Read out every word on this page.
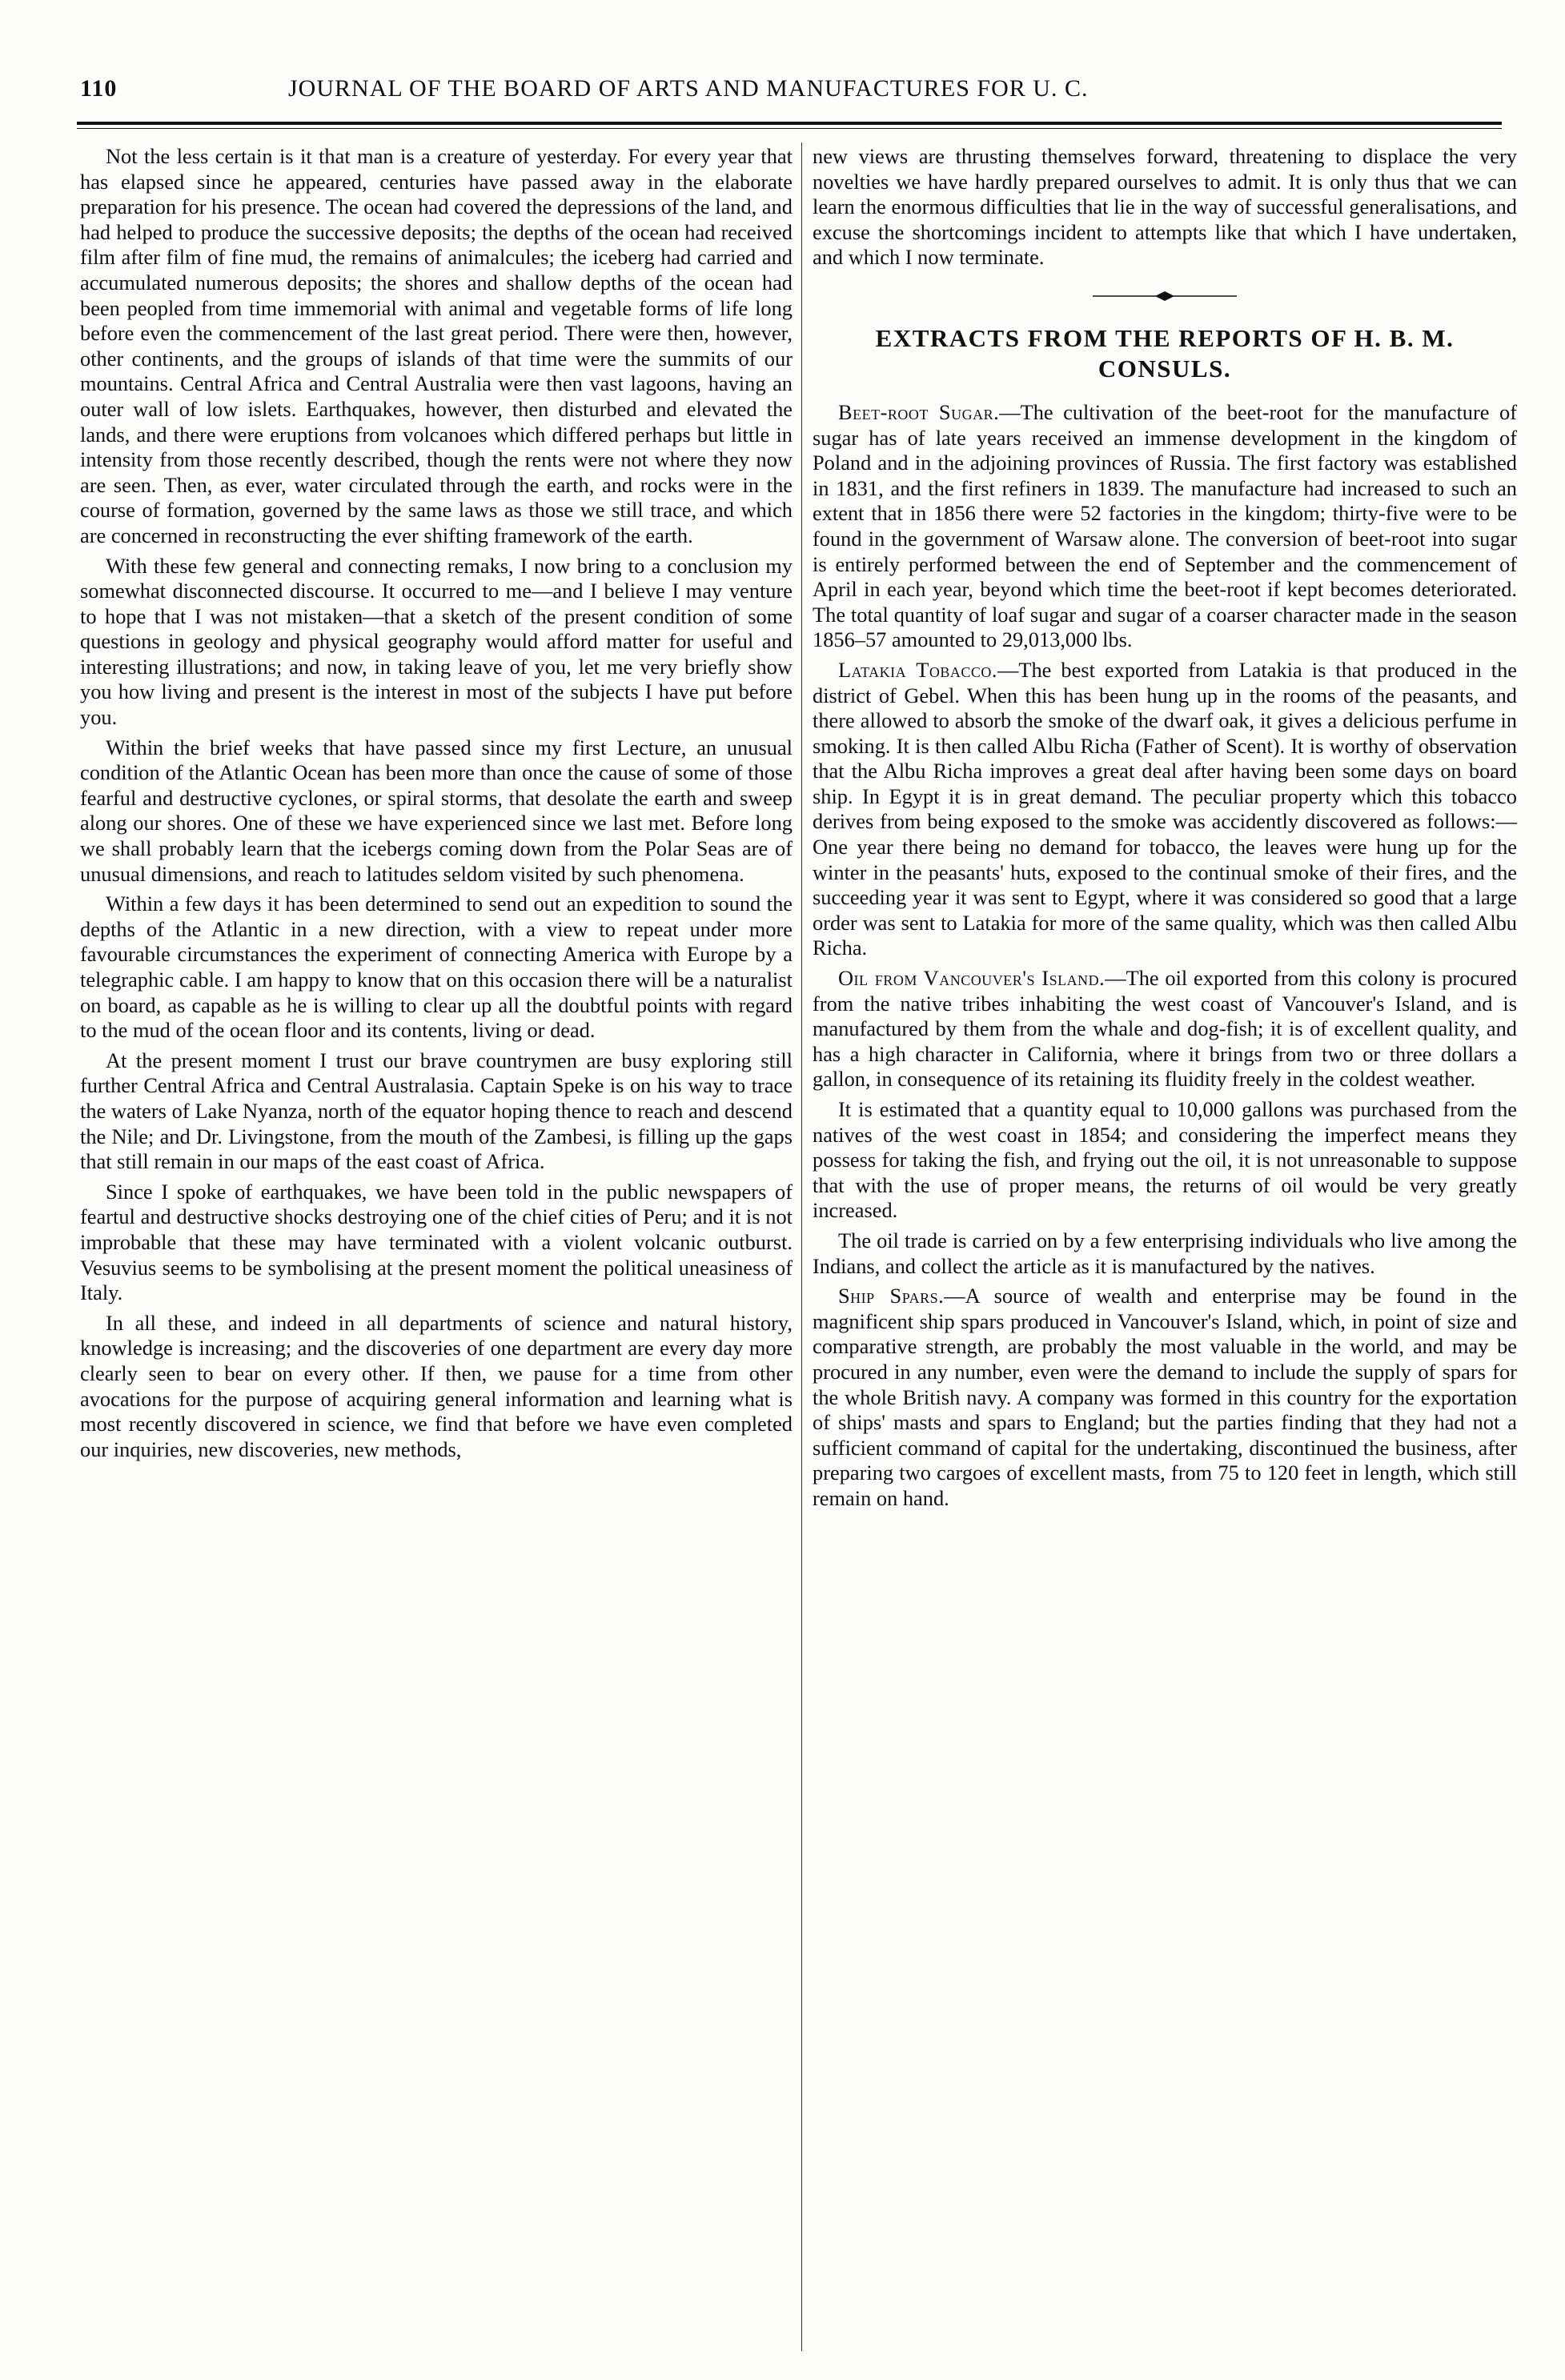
110	JOURNAL OF THE BOARD OF ARTS AND MANUFACTURES FOR U. C.

Not the less certain is it that man is a creature of yesterday. For every year that has elapsed since he appeared, centuries have passed away in the elaborate preparation for his presence. The ocean had covered the depressions of the land, and had helped to produce the successive deposits; the depths of the ocean had received film after film of fine mud, the remains of animalcules; the iceberg had carried and accumulated numerous deposits; the shores and shallow depths of the ocean had been peopled from time immemorial with animal and vegetable forms of life long before even the commencement of the last great period. There were then, however, other continents, and the groups of islands of that time were the summits of our mountains. Central Africa and Central Australia were then vast lagoons, having an outer wall of low islets. Earthquakes, however, then disturbed and elevated the lands, and there were eruptions from volcanoes which differed perhaps but little in intensity from those recently described, though the rents were not where they now are seen. Then, as ever, water circulated through the earth, and rocks were in the course of formation, governed by the same laws as those we still trace, and which are concerned in reconstructing the ever shifting framework of the earth.

With these few general and connecting remaks, I now bring to a conclusion my somewhat disconnected discourse. It occurred to me—and I believe I may venture to hope that I was not mistaken—that a sketch of the present condition of some questions in geology and physical geography would afford matter for useful and interesting illustrations; and now, in taking leave of you, let me very briefly show you how living and present is the interest in most of the subjects I have put before you.

Within the brief weeks that have passed since my first Lecture, an unusual condition of the Atlantic Ocean has been more than once the cause of some of those fearful and destructive cyclones, or spiral storms, that desolate the earth and sweep along our shores. One of these we have experienced since we last met. Before long we shall probably learn that the icebergs coming down from the Polar Seas are of unusual dimensions, and reach to latitudes seldom visited by such phenomena.

Within a few days it has been determined to send out an expedition to sound the depths of the Atlantic in a new direction, with a view to repeat under more favourable circumstances the experiment of connecting America with Europe by a telegraphic cable. I am happy to know that on this occasion there will be a naturalist on board, as capable as he is willing to clear up all the doubtful points with regard to the mud of the ocean floor and its contents, living or dead.

At the present moment I trust our brave countrymen are busy exploring still further Central Africa and Central Australasia. Captain Speke is on his way to trace the waters of Lake Nyanza, north of the equator hoping thence to reach and descend the Nile; and Dr. Livingstone, from the mouth of the Zambesi, is filling up the gaps that still remain in our maps of the east coast of Africa.

Since I spoke of earthquakes, we have been told in the public newspapers of feartul and destructive shocks destroying one of the chief cities of Peru; and it is not improbable that these may have terminated with a violent volcanic outburst. Vesuvius seems to be symbolising at the present moment the political uneasiness of Italy.

In all these, and indeed in all departments of science and natural history, knowledge is increasing; and the discoveries of one department are every day more clearly seen to bear on every other. If then, we pause for a time from other avocations for the purpose of acquiring general information and learning what is most recently discovered in science, we find that before we have even completed our inquiries, new discoveries, new methods,

new views are thrusting themselves forward, threatening to displace the very novelties we have hardly prepared ourselves to admit. It is only thus that we can learn the enormous difficulties that lie in the way of successful generalisations, and excuse the shortcomings incident to attempts like that which I have undertaken, and which I now terminate.

EXTRACTS FROM THE REPORTS OF H. B. M. CONSULS.

Beet-root Sugar.—The cultivation of the beet-root for the manufacture of sugar has of late years received an immense development in the kingdom of Poland and in the adjoining provinces of Russia. The first factory was established in 1831, and the first refiners in 1839. The manufacture had increased to such an extent that in 1856 there were 52 factories in the kingdom; thirty-five were to be found in the government of Warsaw alone. The conversion of beet-root into sugar is entirely performed between the end of September and the commencement of April in each year, beyond which time the beet-root if kept becomes deteriorated. The total quantity of loaf sugar and sugar of a coarser character made in the season 1856–57 amounted to 29,013,000 lbs.

Latakia Tobacco.—The best exported from Latakia is that produced in the district of Gebel. When this has been hung up in the rooms of the peasants, and there allowed to absorb the smoke of the dwarf oak, it gives a delicious perfume in smoking. It is then called Albu Richa (Father of Scent). It is worthy of observation that the Albu Richa improves a great deal after having been some days on board ship. In Egypt it is in great demand. The peculiar property which this tobacco derives from being exposed to the smoke was accidently discovered as follows:—One year there being no demand for tobacco, the leaves were hung up for the winter in the peasants' huts, exposed to the continual smoke of their fires, and the succeeding year it was sent to Egypt, where it was considered so good that a large order was sent to Latakia for more of the same quality, which was then called Albu Richa.

Oil from Vancouver's Island.—The oil exported from this colony is procured from the native tribes inhabiting the west coast of Vancouver's Island, and is manufactured by them from the whale and dog-fish; it is of excellent quality, and has a high character in California, where it brings from two or three dollars a gallon, in consequence of its retaining its fluidity freely in the coldest weather.

It is estimated that a quantity equal to 10,000 gallons was purchased from the natives of the west coast in 1854; and considering the imperfect means they possess for taking the fish, and frying out the oil, it is not unreasonable to suppose that with the use of proper means, the returns of oil would be very greatly increased.

The oil trade is carried on by a few enterprising individuals who live among the Indians, and collect the article as it is manufactured by the natives.

Ship Spars.—A source of wealth and enterprise may be found in the magnificent ship spars produced in Vancouver's Island, which, in point of size and comparative strength, are probably the most valuable in the world, and may be procured in any number, even were the demand to include the supply of spars for the whole British navy. A company was formed in this country for the exportation of ships' masts and spars to England; but the parties finding that they had not a sufficient command of capital for the undertaking, discontinued the business, after preparing two cargoes of excellent masts, from 75 to 120 feet in length, which still remain on hand.
